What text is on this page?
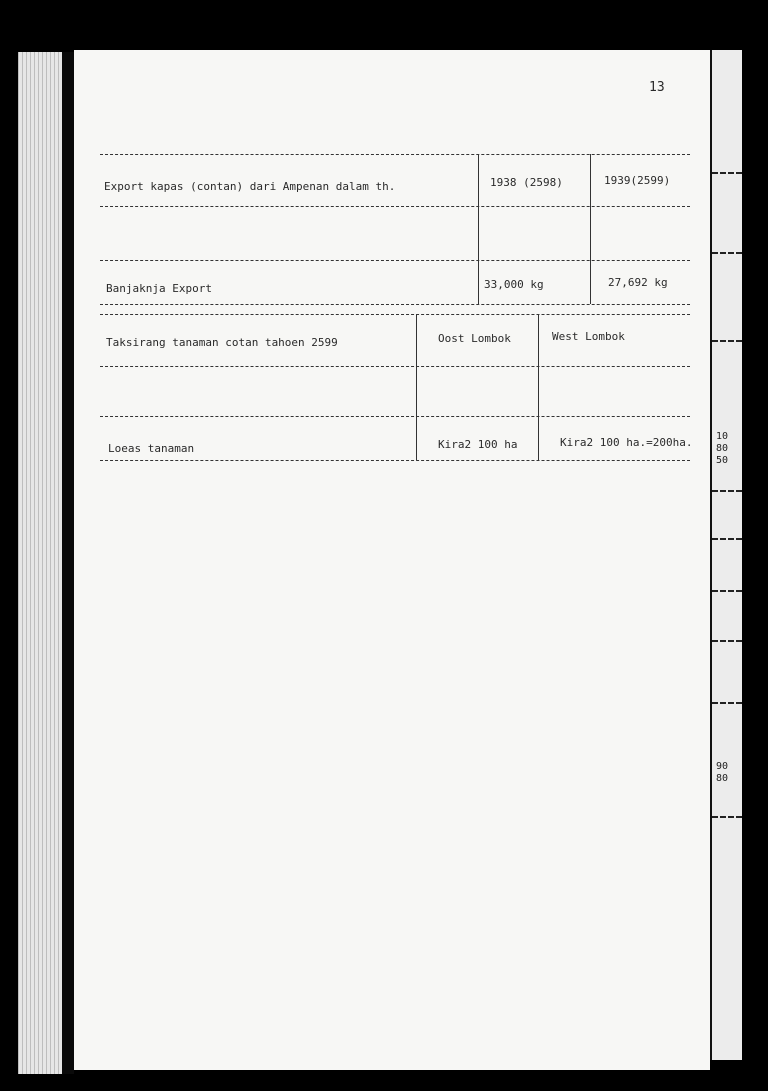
13
Export kapas (contan) dari Ampenan dalam th.	1938 (2598)	1939(2599)
Banjaknja Export	33,000 kg	27,692 kg
Taksirang tanaman cotan tahoen 2599	Oost Lombok	West Lombok
Loeas tanaman	Kira2 100 ha	Kira2 100 ha.=200ha. 10
80
50
90
80
